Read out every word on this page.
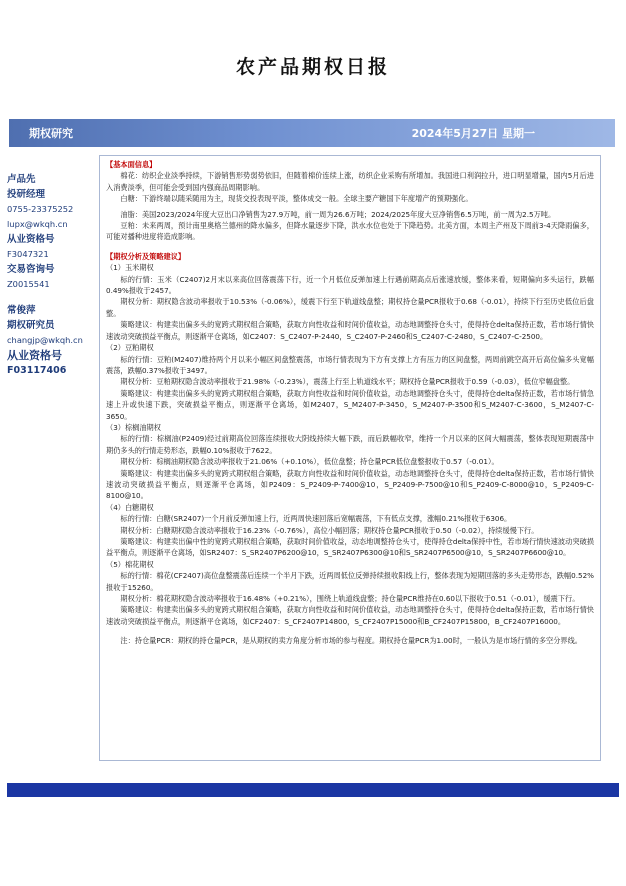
农产品期权日报
期权研究	2024年5月27日 星期一
卢品先
投研经理
0755-23375252
lupx@wkqh.cn
从业资格号
F3047321
交易咨询号
Z0015541
常俊萍
期权研究员
changjp@wkqh.cn
从业资格号
F03117406

【基本面信息】

棉花：纺织企业淡季持续，下游销售形势弱势依旧，但随着棉价连续上涨，纺织企业采购有所增加。我国进口利润拉升，进口明显增量，国内5月后进入消费淡季，但可能会受到国内强商品周期影响。

白糖：下游终端以随采随用为主，现货交投表现平淡，整体成交一般。全球主要产糖国下年度增产的预期强化。

油脂：美国2023/2024年度大豆出口净销售为27.9万吨，前一周为26.6万吨；2024/2025年度大豆净销售6.5万吨，前一周为2.5万吨。

豆粕：未来两周，预计南里奥格兰德州的降水偏多，但降水量逐步下降，洪水水位也处于下降趋势。北美方面，本周主产州及下周前3-4天降雨偏多，可能对播种进度将造成影响。

【期权分析及策略建议】

（1）玉米期权

标的行情：玉米（C2407)2月末以来高位回落震荡下行，近一个月低位反弹加速上行遇前期高点后涨速放缓，整体来看，短期偏向多头运行，跌幅0.49%报收于2457。

期权分析：期权隐含波动率报收于10.53%（-0.06%），缓震下行至下轨道线盘整；期权持仓量PCR报收于0.68（-0.01），持续下行至历史低位后盘整。

策略建议：构建卖出偏多头的宽跨式期权组合策略，获取方向性收益和时间价值收益，动态地调整持仓头寸，使得持仓delta保持正数，若市场行情快速波动突破损益平衡点，则逐渐平仓离场，如C2407：S_C2407-P-2440，S_C2407-P-2460和S_C2407-C-2480，S_C2407-C-2500。

（2）豆粕期权

标的行情：豆粕(M2407)维持两个月以来小幅区间盘整震荡，市场行情表现为下方有支撑上方有压力的区间盘整，两周前跳空高开后高位偏多头宽幅震荡，跌幅0.37%报收于3497。

期权分析：豆粕期权隐含波动率报收于21.98%（-0.23%），震荡上行至上轨道线水平；期权持仓量PCR报收于0.59（-0.03），低位窄幅盘整。

策略建议：构建卖出偏多头的宽跨式期权组合策略，获取方向性收益和时间价值收益，动态地调整持仓头寸，使得持仓delta保持正数，若市场行情急速上升或快速下跌，突破损益平衡点，则逐渐平仓离场，如M2407，S_M2407-P-3450，S_M2407-P-3500和S_M2407-C-3600，S_M2407-C-3650。

（3）棕榈油期权

标的行情：棕榈油(P2409)经过前期高位回落连续报收大阴线持续大幅下跌，而后跌幅收窄，维持一个月以来的区间大幅震荡，整体表现短期震荡中期仍多头的行情走势形态，跌幅0.10%报收于7622。

期权分析：棕榈油期权隐含波动率报收于21.06%（+0.10%），低位盘整；持仓量PCR低位盘整报收于0.57（-0.01）。

策略建议：构建卖出偏多头的宽跨式期权组合策略，获取方向性收益和时间价值收益，动态地调整持仓头寸，使得持仓delta保持正数，若市场行情快速波动突破损益平衡点，则逐渐平仓离场，如P2409：S_P2409-P-7400@10，S_P2409-P-7500@10和S_P2409-C-8000@10，S_P2409-C-8100@10。

（4）白糖期权

标的行情：白糖(SR2407)一个月前反弹加速上行，近两周快速回落后宽幅震荡，下有低点支撑，涨幅0.21%报收于6306。

期权分析：白糖期权隐含波动率报收于16.23%（-0.76%），高位小幅回落；期权持仓量PCR报收于0.50（-0.02），持续缓慢下行。

策略建议：构建卖出偏中性的宽跨式期权组合策略，获取时间价值收益，动态地调整持仓头寸，使得持仓delta保持中性，若市场行情快速波动突破损益平衡点，则逐渐平仓离场，如SR2407：S_SR2407P6200@10，S_SR2407P6300@10和S_SR2407P6500@10，S_SR2407P6600@10。

（5）棉花期权

标的行情：棉花(CF2407)高位盘整震荡后连续一个半月下跌，近两周低位反弹持续报收阳线上行，整体表现为短期回落的多头走势形态，跌幅0.52%报收于15260。

期权分析：棉花期权隐含波动率报收于16.48%（+0.21%），围绕上轨道线盘整；持仓量PCR维持在0.60以下报收于0.51（-0.01），缓震下行。

策略建议：构建卖出偏多头的宽跨式期权组合策略，获取方向性收益和时间价值收益，动态地调整持仓头寸，使得持仓delta保持正数，若市场行情快速波动突破损益平衡点，则逐渐平仓离场，如CF2407：S_CF2407P14800，S_CF2407P15000和B_CF2407P15800，B_CF2407P16000。

注：持仓量PCR：期权的持仓量PCR，是从期权的卖方角度分析市场的参与程度。期权持仓量PCR为1.00时，一般认为是市场行情的多空分界线。
